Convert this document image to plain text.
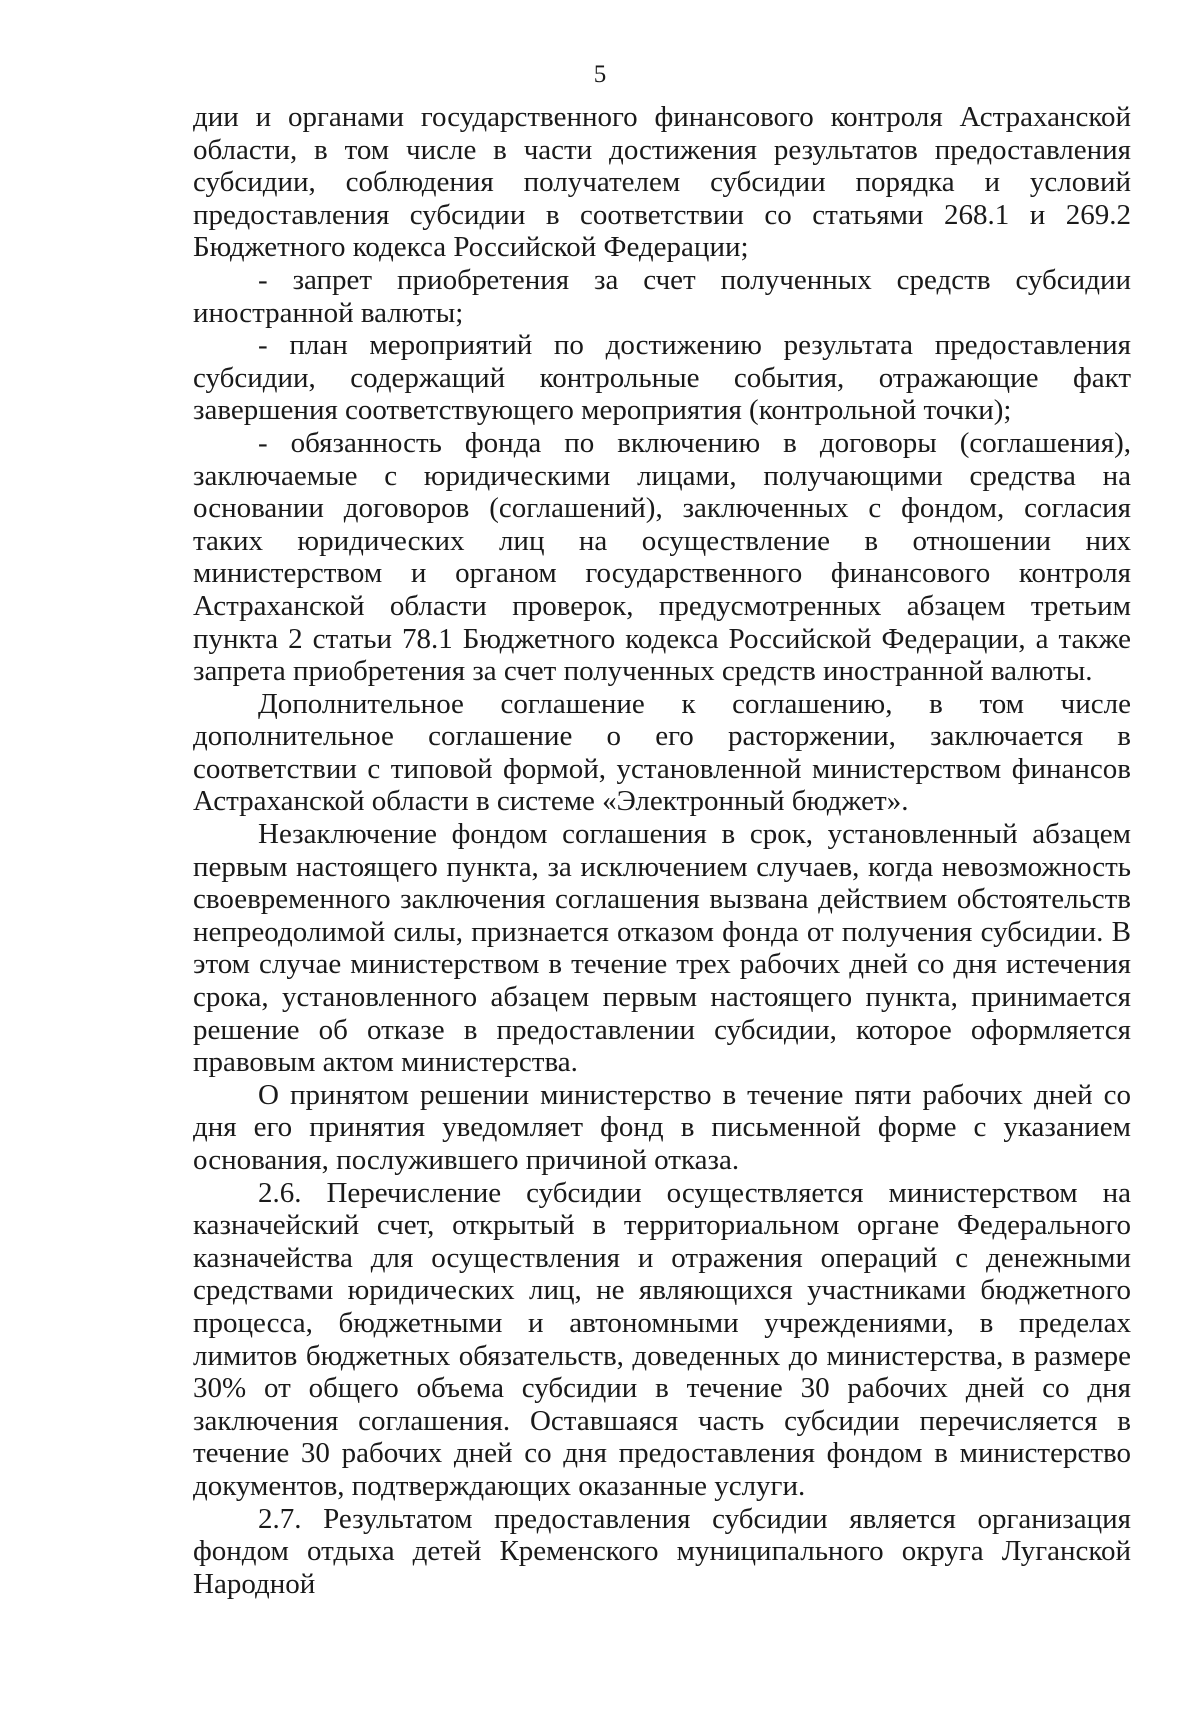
5

дии и органами государственного финансового контроля Астраханской области, в том числе в части достижения результатов предоставления субсидии, соблюдения получателем субсидии порядка и условий предоставления субсидии в соответствии со статьями 268.1 и 269.2 Бюджетного кодекса Российской Федерации;

- запрет приобретения за счет полученных средств субсидии иностранной валюты;

- план мероприятий по достижению результата предоставления субсидии, содержащий контрольные события, отражающие факт завершения соответствующего мероприятия (контрольной точки);

- обязанность фонда по включению в договоры (соглашения), заключаемые с юридическими лицами, получающими средства на основании договоров (соглашений), заключенных с фондом, согласия таких юридических лиц на осуществление в отношении них министерством и органом государственного финансового контроля Астраханской области проверок, предусмотренных абзацем третьим пункта 2 статьи 78.1 Бюджетного кодекса Российской Федерации, а также запрета приобретения за счет полученных средств иностранной валюты.

Дополнительное соглашение к соглашению, в том числе дополнительное соглашение о его расторжении, заключается в соответствии с типовой формой, установленной министерством финансов Астраханской области в системе «Электронный бюджет».

Незаключение фондом соглашения в срок, установленный абзацем первым настоящего пункта, за исключением случаев, когда невозможность своевременного заключения соглашения вызвана действием обстоятельств непреодолимой силы, признается отказом фонда от получения субсидии. В этом случае министерством в течение трех рабочих дней со дня истечения срока, установленного абзацем первым настоящего пункта, принимается решение об отказе в предоставлении субсидии, которое оформляется правовым актом министерства.

О принятом решении министерство в течение пяти рабочих дней со дня его принятия уведомляет фонд в письменной форме с указанием основания, послужившего причиной отказа.

2.6. Перечисление субсидии осуществляется министерством на казначейский счет, открытый в территориальном органе Федерального казначейства для осуществления и отражения операций с денежными средствами юридических лиц, не являющихся участниками бюджетного процесса, бюджетными и автономными учреждениями, в пределах лимитов бюджетных обязательств, доведенных до министерства, в размере 30% от общего объема субсидии в течение 30 рабочих дней со дня заключения соглашения. Оставшаяся часть субсидии перечисляется в течение 30 рабочих дней со дня предоставления фондом в министерство документов, подтверждающих оказанные услуги.

2.7. Результатом предоставления субсидии является организация фондом отдыха детей Кременского муниципального округа Луганской Народной
